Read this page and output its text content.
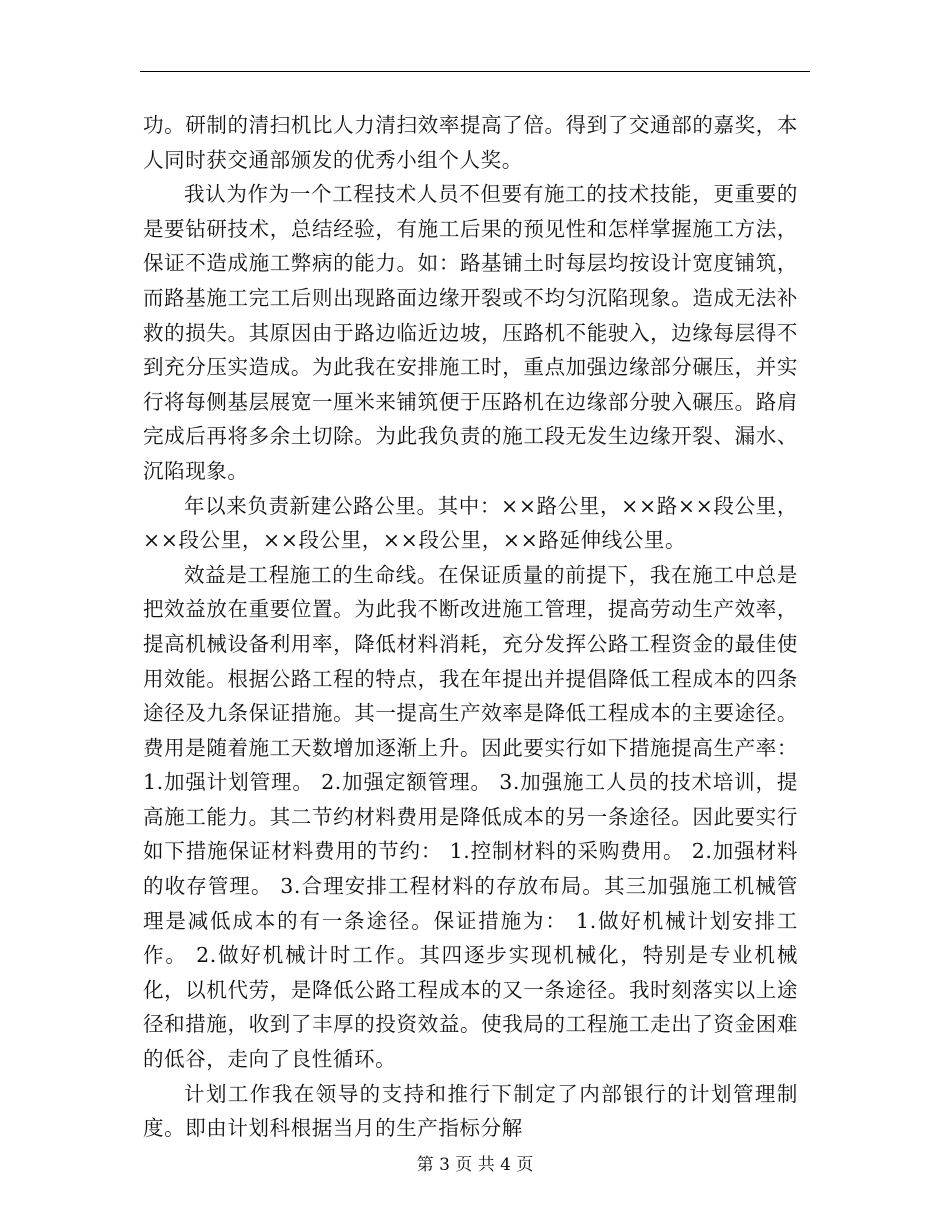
功。研制的清扫机比人力清扫效率提高了倍。得到了交通部的嘉奖，本人同时获交通部颁发的优秀小组个人奖。

我认为作为一个工程技术人员不但要有施工的技术技能，更重要的是要钻研技术，总结经验，有施工后果的预见性和怎样掌握施工方法，保证不造成施工弊病的能力。如：路基铺土时每层均按设计宽度铺筑，而路基施工完工后则出现路面边缘开裂或不均匀沉陷现象。造成无法补救的损失。其原因由于路边临近边坡，压路机不能驶入，边缘每层得不到充分压实造成。为此我在安排施工时，重点加强边缘部分碾压，并实行将每侧基层展宽一厘米来铺筑便于压路机在边缘部分驶入碾压。路肩完成后再将多余土切除。为此我负责的施工段无发生边缘开裂、漏水、沉陷现象。

年以来负责新建公路公里。其中：××路公里，××路××段公里，××段公里，××段公里，××段公里，××路延伸线公里。

效益是工程施工的生命线。在保证质量的前提下，我在施工中总是把效益放在重要位置。为此我不断改进施工管理，提高劳动生产效率，提高机械设备利用率，降低材料消耗，充分发挥公路工程资金的最佳使用效能。根据公路工程的特点，我在年提出并提倡降低工程成本的四条途径及九条保证措施。其一提高生产效率是降低工程成本的主要途径。费用是随着施工天数增加逐渐上升。因此要实行如下措施提高生产率： 1.加强计划管理。 2.加强定额管理。 3.加强施工人员的技术培训，提高施工能力。其二节约材料费用是降低成本的另一条途径。因此要实行如下措施保证材料费用的节约： 1.控制材料的采购费用。 2.加强材料的收存管理。 3.合理安排工程材料的存放布局。其三加强施工机械管理是减低成本的有一条途径。保证措施为： 1.做好机械计划安排工作。 2.做好机械计时工作。其四逐步实现机械化，特别是专业机械化，以机代劳，是降低公路工程成本的又一条途径。我时刻落实以上途径和措施，收到了丰厚的投资效益。使我局的工程施工走出了资金困难的低谷，走向了良性循环。

计划工作我在领导的支持和推行下制定了内部银行的计划管理制度。即由计划科根据当月的生产指标分解

第 3 页 共 4 页
